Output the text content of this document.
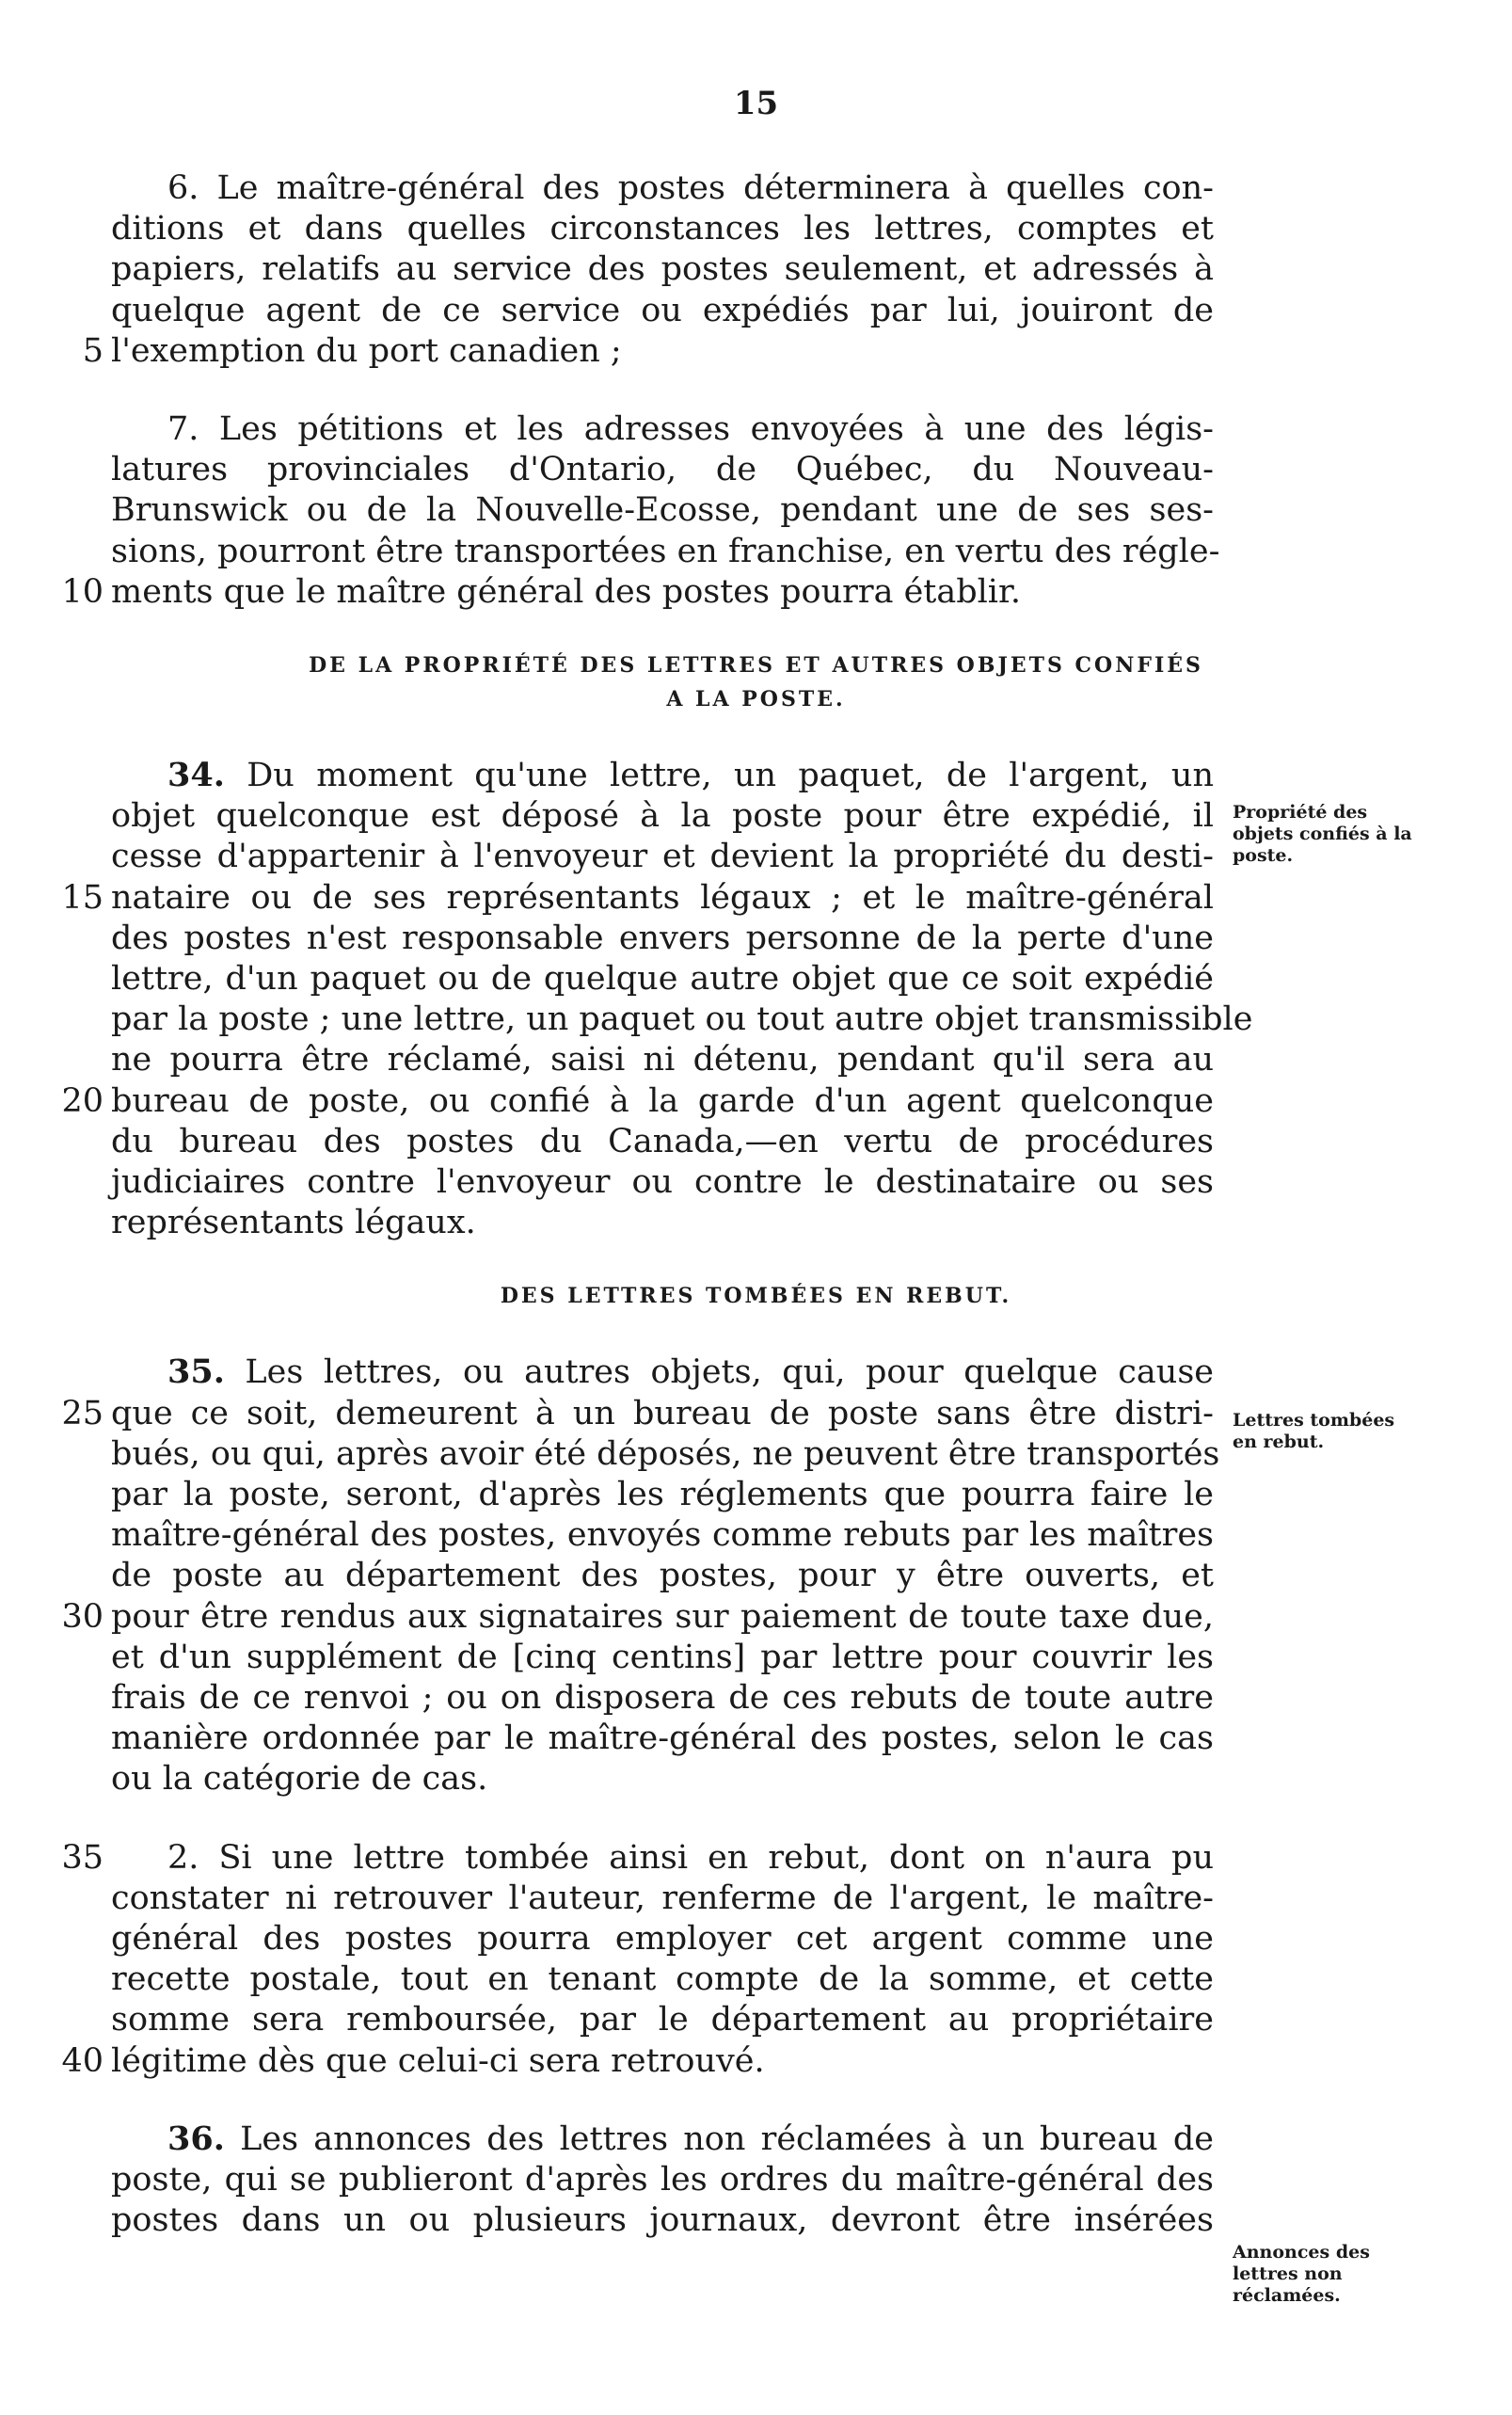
15
6. Le maître-général des postes déterminera à quelles con-
ditions et dans quelles circonstances les lettres, comptes et
papiers, relatifs au service des postes seulement, et adressés à
quelque agent de ce service ou expédiés par lui, jouiront de
l'exemption du port canadien ;
5
7. Les pétitions et les adresses envoyées à une des légis-
latures provinciales d'Ontario, de Québec, du Nouveau-
Brunswick ou de la Nouvelle-Ecosse, pendant une de ses ses-
sions, pourront être transportées en franchise, en vertu des régle-
ments que le maître général des postes pourra établir.
10
DE LA PROPRIÉTÉ DES LETTRES ET AUTRES OBJETS CONFIÉS
A LA POSTE.
34. Du moment qu'une lettre, un paquet, de l'argent, un
objet quelconque est déposé à la poste pour être expédié, il
cesse d'appartenir à l'envoyeur et devient la propriété du desti-
nataire ou de ses représentants légaux ; et le maître-général
15
des postes n'est responsable envers personne de la perte d'une
lettre, d'un paquet ou de quelque autre objet que ce soit expédié
par la poste ; une lettre, un paquet ou tout autre objet transmissible
ne pourra être réclamé, saisi ni détenu, pendant qu'il sera au
bureau de poste, ou confié à la garde d'un agent quelconque
20
du bureau des postes du Canada,—en vertu de procédures
judiciaires contre l'envoyeur ou contre le destinataire ou ses
représentants légaux.
DES LETTRES TOMBÉES EN REBUT.
35. Les lettres, ou autres objets, qui, pour quelque cause
que ce soit, demeurent à un bureau de poste sans être distri-
25
bués, ou qui, après avoir été déposés, ne peuvent être transportés
par la poste, seront, d'après les réglements que pourra faire le
maître-général des postes, envoyés comme rebuts par les maîtres
de poste au département des postes, pour y être ouverts, et
pour être rendus aux signataires sur paiement de toute taxe due,
30
et d'un supplément de [cinq centins] par lettre pour couvrir les
frais de ce renvoi ; ou on disposera de ces rebuts de toute autre
manière ordonnée par le maître-général des postes, selon le cas
ou la catégorie de cas.
2. Si une lettre tombée ainsi en rebut, dont on n'aura pu
35
constater ni retrouver l'auteur, renferme de l'argent, le maître-
général des postes pourra employer cet argent comme une
recette postale, tout en tenant compte de la somme, et cette
somme sera remboursée, par le département au propriétaire
légitime dès que celui-ci sera retrouvé.
40
36. Les annonces des lettres non réclamées à un bureau de
poste, qui se publieront d'après les ordres du maître-général des
postes dans un ou plusieurs journaux, devront être insérées
Propriété des objets confiés à la poste.
Lettres tombées en rebut.
Annonces des lettres non réclamées.
